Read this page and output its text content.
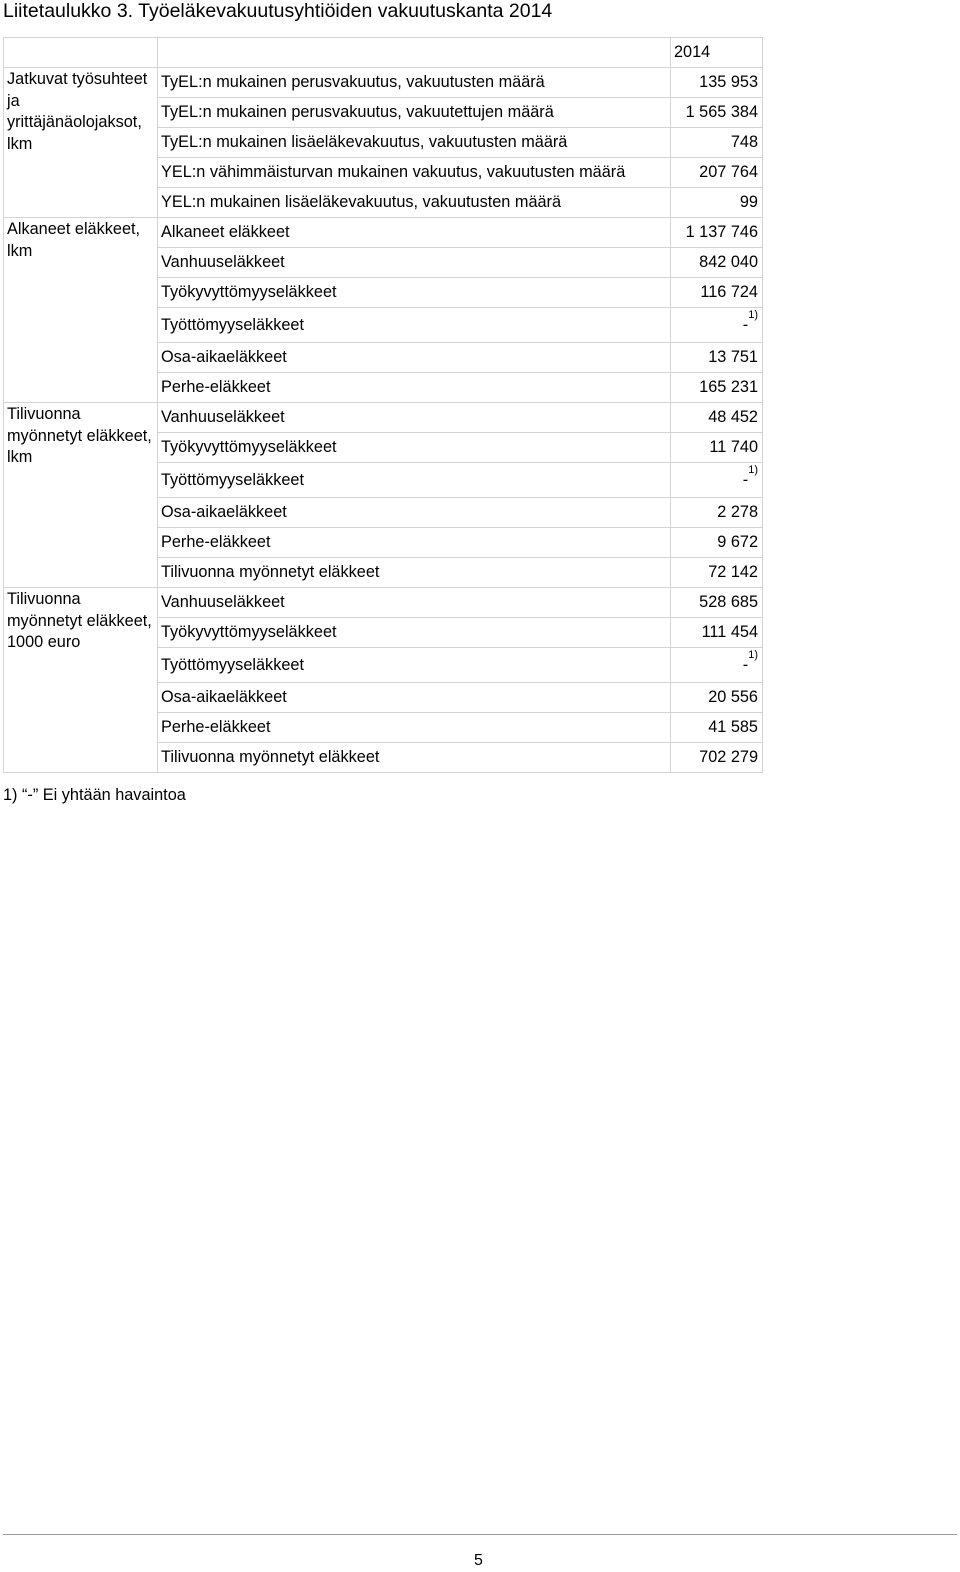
Liitetaulukko 3. Työeläkevakuutusyhtiöiden vakuutuskanta 2014
		2014
Jatkuvat työsuhteet ja yrittäjänäolojaksot, lkm	TyEL:n mukainen perusvakuutus, vakuutusten määrä	135 953
	TyEL:n mukainen perusvakuutus, vakuutettujen määrä	1 565 384
	TyEL:n mukainen lisäeläkevakuutus, vakuutusten määrä	748
	YEL:n vähimmäisturvan mukainen vakuutus, vakuutusten määrä	207 764
	YEL:n mukainen lisäeläkevakuutus, vakuutusten määrä	99
Alkaneet eläkkeet, lkm	Alkaneet eläkkeet	1 137 746
	Vanhuuseläkkeet	842 040
	Työkyvyttömyyseläkkeet	116 724
	Työttömyyseläkkeet	-$^{1)}$
	Osa-aikaeläkkeet	13 751
	Perhe-eläkkeet	165 231
Tilivuonna myönnetyt eläkkeet, lkm	Vanhuuseläkkeet	48 452
	Työkyvyttömyyseläkkeet	11 740
	Työttömyyseläkkeet	-$^{1)}$
	Osa-aikaeläkkeet	2 278
	Perhe-eläkkeet	9 672
	Tilivuonna myönnetyt eläkkeet	72 142
Tilivuonna myönnetyt eläkkeet, 1000 euro	Vanhuuseläkkeet	528 685
	Työkyvyttömyyseläkkeet	111 454
	Työttömyyseläkkeet	-$^{1)}$
	Osa-aikaeläkkeet	20 556
	Perhe-eläkkeet	41 585
	Tilivuonna myönnetyt eläkkeet	702 279
1) “-” Ei yhtään havaintoa
5
